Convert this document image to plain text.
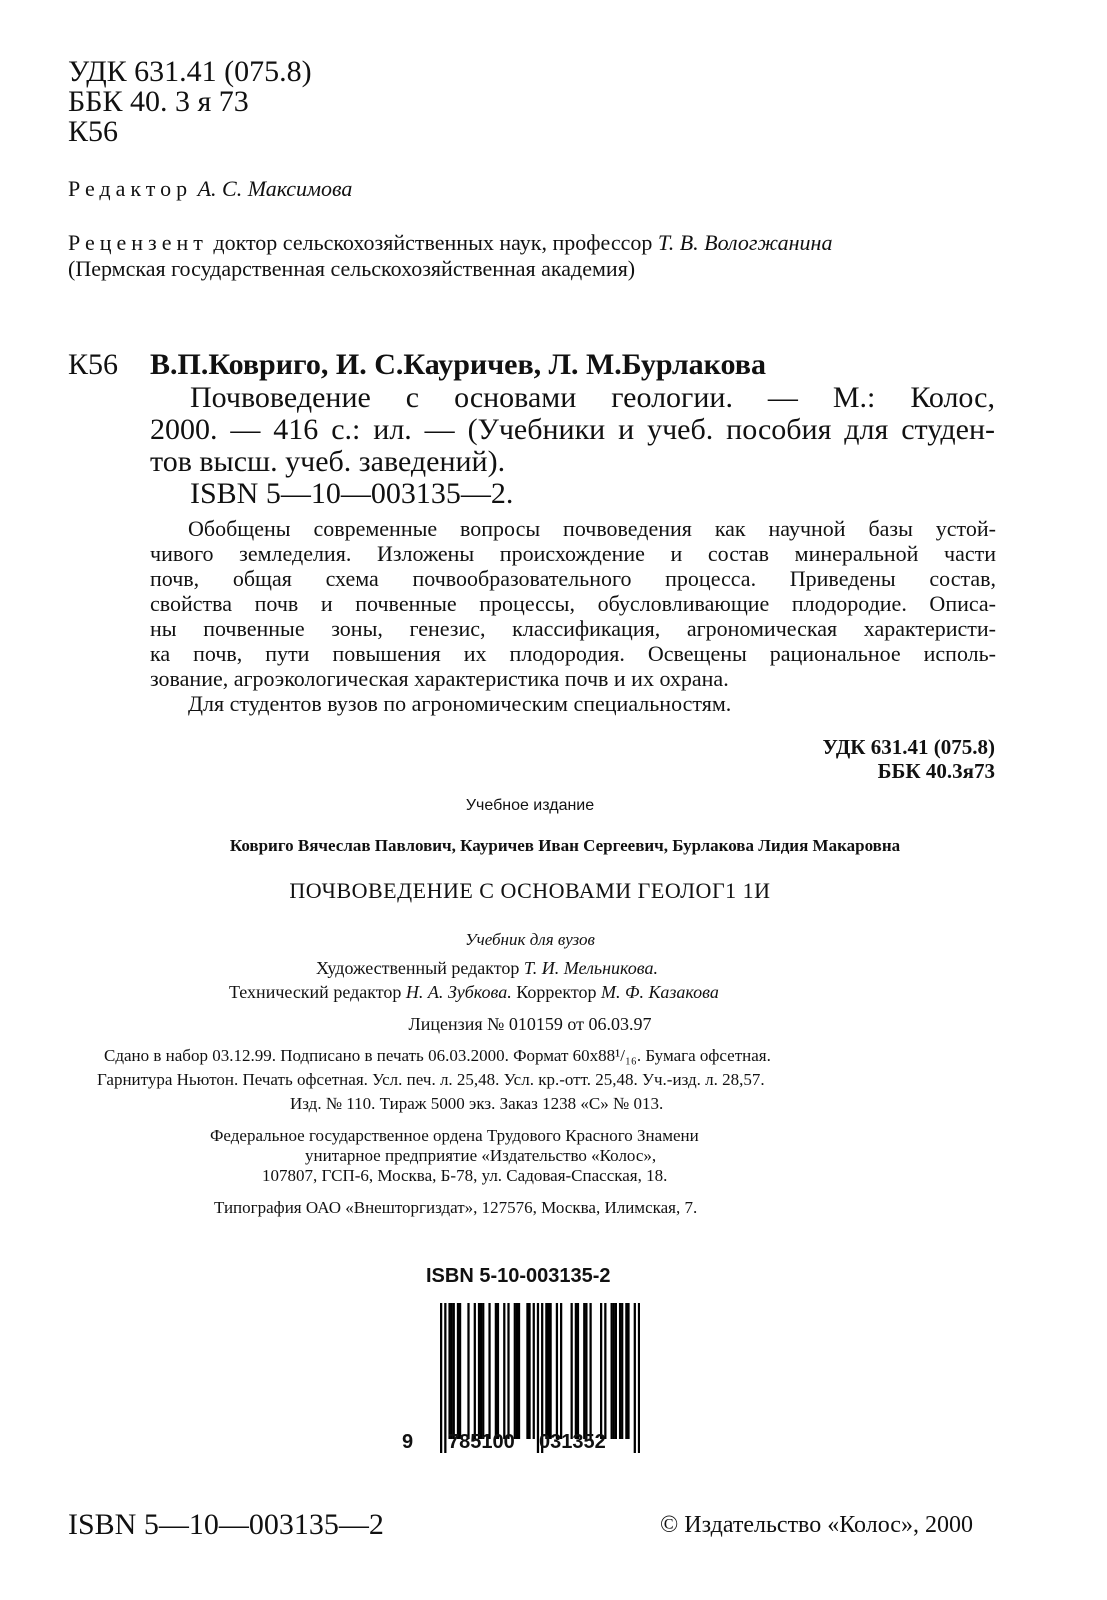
УДК 631.41 (075.8)
ББК 40. 3 я 73
К56
Редактор А. С. Максимова
Рецензент доктор сельскохозяйственных наук, профессор Т. В. Вологжанина
(Пермская государственная сельскохозяйственная академия)
К56 В.П.Ковриго, И. С.Кауричев, Л. М.Бурлакова
Почвоведение с основами геологии. — М.: Колос,
2000. — 416 с.: ил. — (Учебники и учеб. пособия для студен-
тов высш. учеб. заведений).
ISBN 5—10—003135—2.
Обобщены современные вопросы почвоведения как научной базы устой-
чивого земледелия. Изложены происхождение и состав минеральной части
почв, общая схема почвообразовательного процесса. Приведены состав,
свойства почв и почвенные процессы, обусловливающие плодородие. Описа-
ны почвенные зоны, генезис, классификация, агрономическая характеристи-
ка почв, пути повышения их плодородия. Освещены рациональное исполь-
зование, агроэкологическая характеристика почв и их охрана.
Для студентов вузов по агрономическим специальностям.
УДК 631.41 (075.8)
ББК 40.3я73
Учебное издание
Ковриго Вячеслав Павлович, Кауричев Иван Сергеевич, Бурлакова Лидия Макаровна
ПОЧВОВЕДЕНИЕ С ОСНОВАМИ ГЕОЛОГ1 1И
Учебник для вузов
Художественный редактор Т. И. Мельникова.
Технический редактор Н. А. Зубкова. Корректор М. Ф. Казакова
Лицензия № 010159 от 06.03.97
Сдано в набор 03.12.99. Подписано в печать 06.03.2000. Формат 60х88¹/₁₆. Бумага офсетная.
Гарнитура Ньютон. Печать офсетная. Усл. печ. л. 25,48. Усл. кр.-отт. 25,48. Уч.-изд. л. 28,57.
Изд. № 110. Тираж 5000 экз. Заказ 1238 «С» № 013.
Федеральное государственное ордена Трудового Красного Знамени
унитарное предприятие «Издательство «Колос»,
107807, ГСП-6, Москва, Б-78, ул. Садовая-Спасская, 18.
Типография ОАО «Внешторгиздат», 127576, Москва, Илимская, 7.
ISBN 5-10-003135-2
9 785100 031352
ISBN 5—10—003135—2	© Издательство «Колос», 2000
